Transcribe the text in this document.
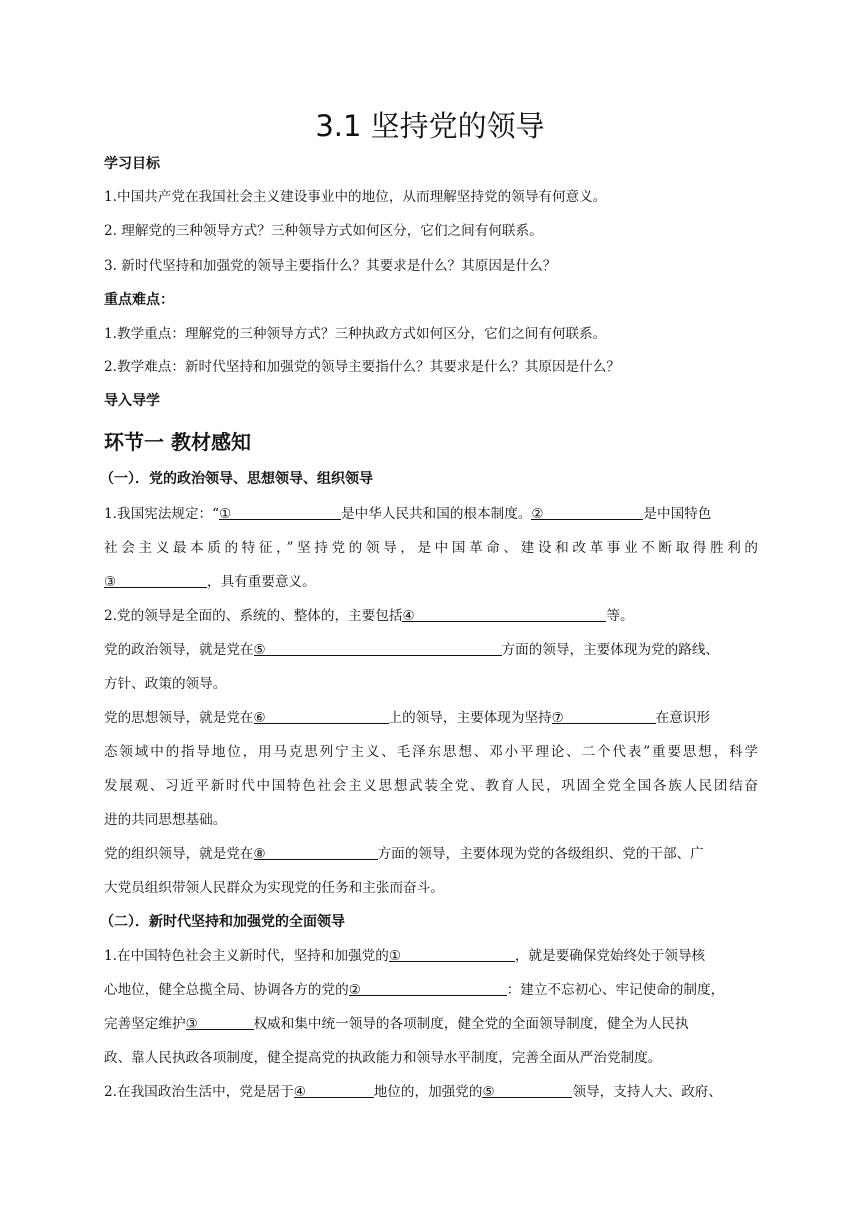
3.1 坚持党的领导
学习目标
1.中国共产党在我国社会主义建设事业中的地位，从而理解坚持党的领导有何意义。
2. 理解党的三种领导方式？三种领导方式如何区分，它们之间有何联系。
3. 新时代坚持和加强党的领导主要指什么？其要求是什么？其原因是什么？
重点难点：
1.教学重点：理解党的三种领导方式？三种执政方式如何区分，它们之间有何联系。
2.教学难点：新时代坚持和加强党的领导主要指什么？其要求是什么？其原因是什么？
导入导学
环节一 教材感知
（一）．党的政治领导、思想领导、组织领导
1.我国宪法规定：“①	是中华人民共和国的根本制度。②	是中国特色
社会主义最本质的特征，”坚持党的领导，是中国革命、建设和改革事业不断取得胜利的
③	，具有重要意义。
2.党的领导是全面的、系统的、整体的，主要包括④	等。
党的政治领导，就是党在⑤	方面的领导，主要体现为党的路线、
方针、政策的领导。
党的思想领导，就是党在⑥	上的领导，主要体现为坚持⑦	在意识形
态领域中的指导地位，用马克思列宁主义、毛泽东思想、邓小平理论、二个代表”重要思想，科学
发展观、习近平新时代中国特色社会主义思想武装全党、教育人民，巩固全党全国各族人民团结奋
进的共同思想基础。
党的组织领导，就是党在⑧	方面的领导，主要体现为党的各级组织、党的干部、广
大党员组织带领人民群众为实现党的任务和主张而奋斗。
（二）．新时代坚持和加强党的全面领导
1.在中国特色社会主义新时代，坚持和加强党的①	，就是要确保党始终处于领导核
心地位，健全总揽全局、协调各方的党的②	：建立不忘初心、牢记使命的制度，
完善坚定维护③	权威和集中统一领导的各项制度，健全党的全面领导制度，健全为人民执
政、靠人民执政各项制度，健全提高党的执政能力和领导水平制度，完善全面从严治党制度。
2.在我国政治生活中，党是居于④	地位的，加强党的⑤	领导，支持人大、政府、
